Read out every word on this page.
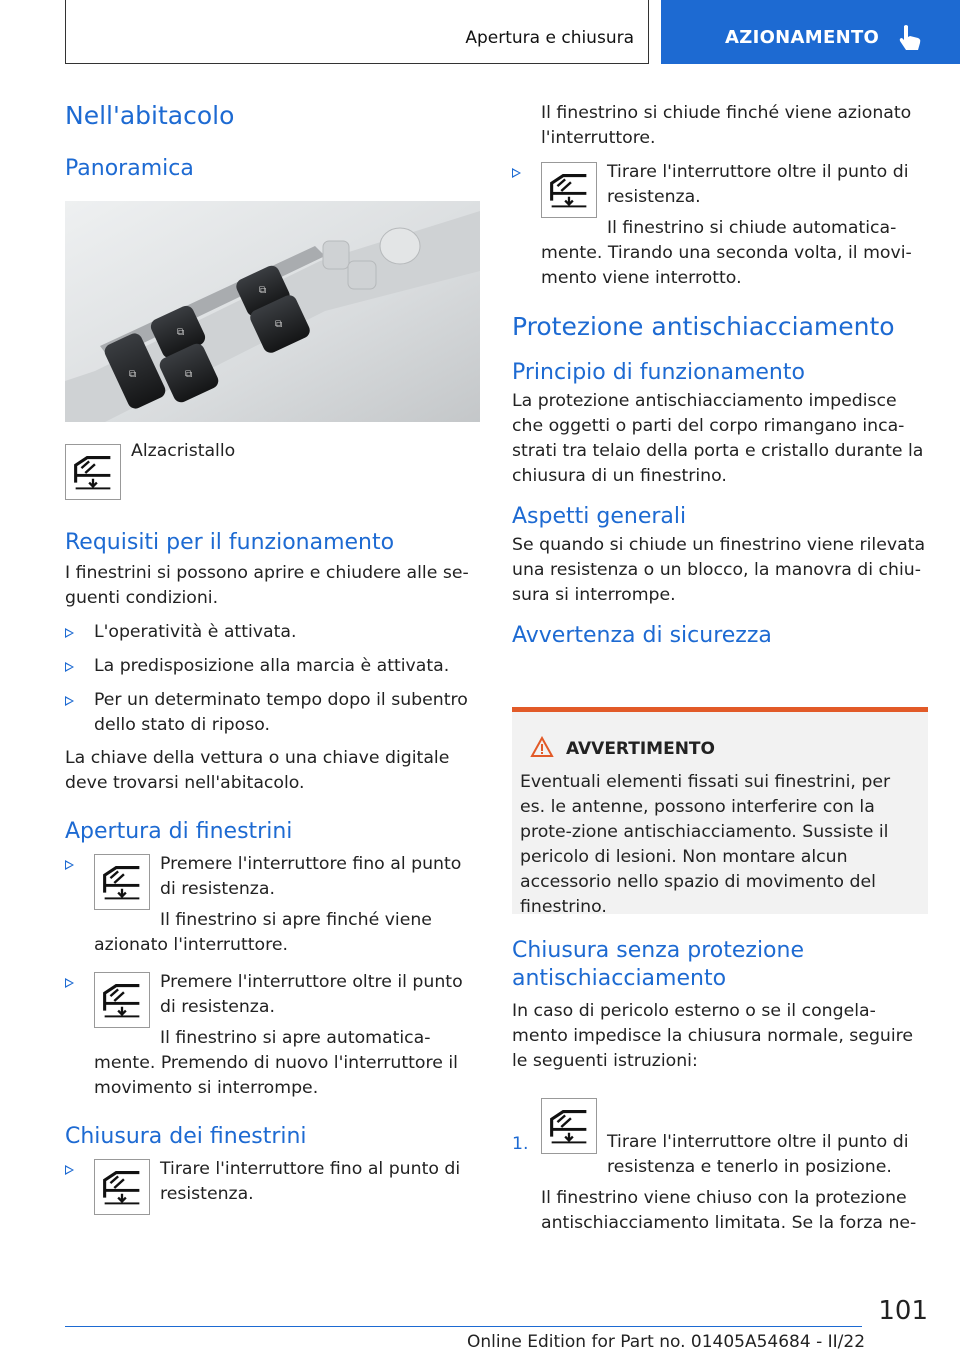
Apertura e chiusura	AZIONAMENTO
Nell'abitacolo
Panoramica
⧉
⧉
⧉
⧉
⧉

Alzacristallo

Requisiti per il funzionamento

I finestrini si possono aprire e chiudere alle se-guenti condizioni.

L'operatività è attivata.

La predisposizione alla marcia è attivata.

Per un determinato tempo dopo il subentro dello stato di riposo.

La chiave della vettura o una chiave digitale deve trovarsi nell'abitacolo.

Apertura di finestrini

Premere l'interruttore fino al punto di resistenza.

Il finestrino si apre finché viene azionato l'interruttore.

Premere l'interruttore oltre il punto di resistenza.

Il finestrino si apre automatica-mente. Premendo di nuovo l'interruttore il movimento si interrompe.

Chiusura dei finestrini

Tirare l'interruttore fino al punto di resistenza.

Il finestrino si chiude finché viene azionato l'interruttore.

Tirare l'interruttore oltre il punto di resistenza.

Il finestrino si chiude automatica-mente. Tirando una seconda volta, il movi-mento viene interrotto.

Protezione antischiacciamento
Principio di funzionamento

La protezione antischiacciamento impedisce che oggetti o parti del corpo rimangano inca-strati tra telaio della porta e cristallo durante la chiusura di un finestrino.

Aspetti generali

Se quando si chiude un finestrino viene rilevata una resistenza o un blocco, la manovra di chiu-sura si interrompe.

Avvertenza di sicurezza
AVVERTIMENTO

Eventuali elementi fissati sui finestrini, per es. le antenne, possono interferire con la prote-zione antischiacciamento. Sussiste il pericolo di lesioni. Non montare alcun accessorio nello spazio di movimento del finestrino.

Chiusura senza protezione antischiacciamento

In caso di pericolo esterno o se il congela-mento impedisce la chiusura normale, seguire le seguenti istruzioni:

1.	Tirare l'interruttore oltre il punto di resistenza e tenerlo in posizione.

Il finestrino viene chiuso con la protezione antischiacciamento limitata. Se la forza ne-

101
Online Edition for Part no. 01405A54684 - II/22
